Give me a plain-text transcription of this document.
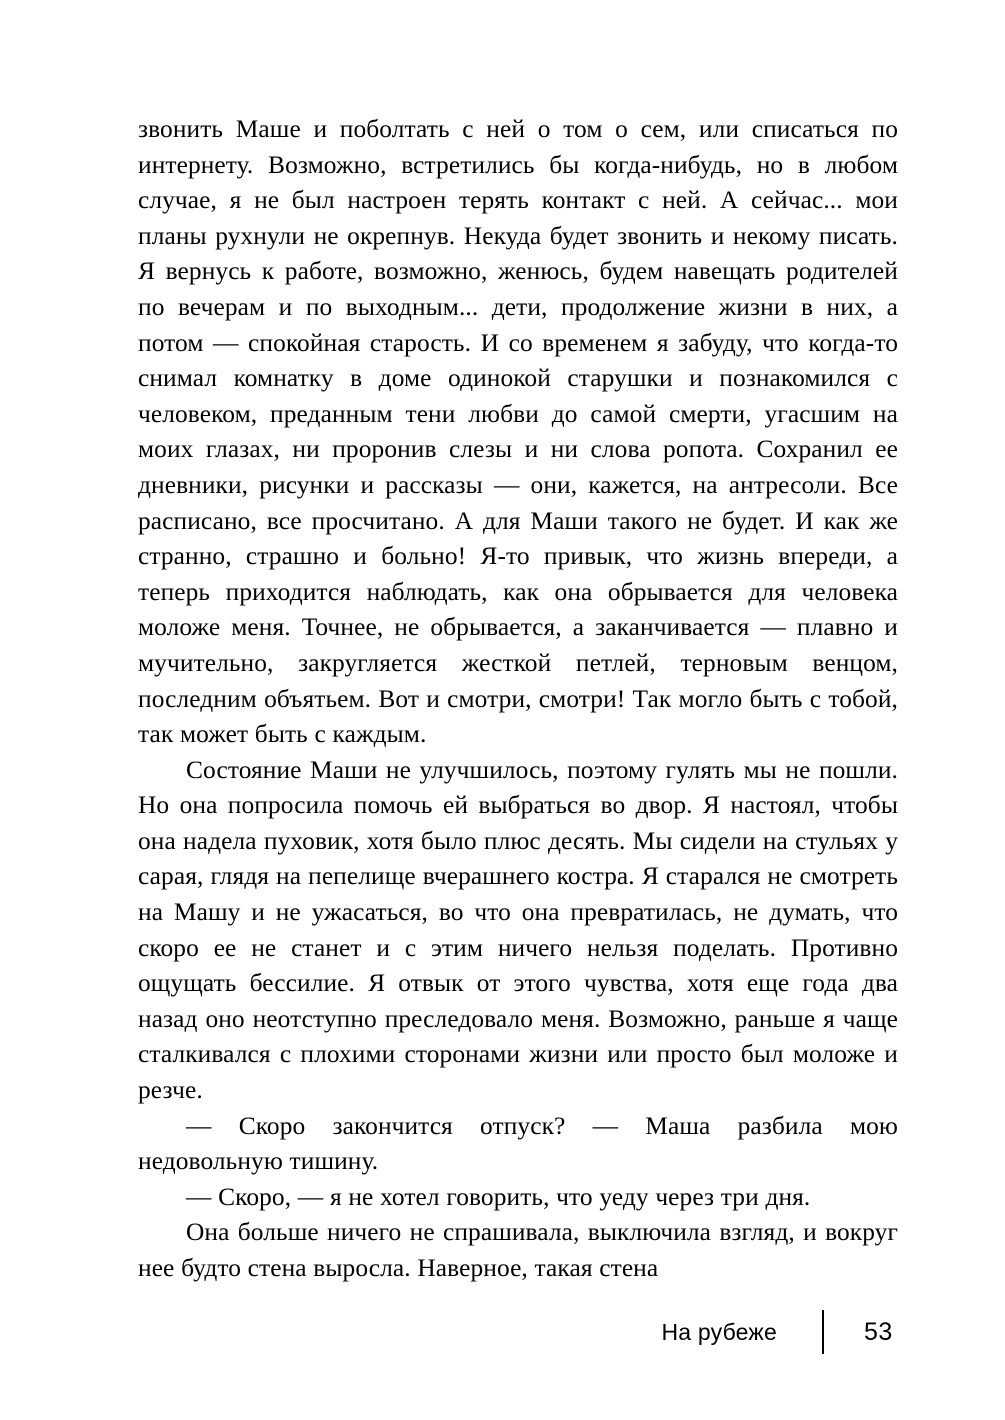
звонить Маше и поболтать с ней о том о сем, или списаться по интернету. Возможно, встретились бы когда-нибудь, но в любом случае, я не был настроен терять контакт с ней. А сейчас... мои планы рухнули не окрепнув. Некуда будет звонить и некому писать. Я вернусь к работе, возможно, женюсь, будем навещать родителей по вечерам и по выходным... дети, продолжение жизни в них, а потом — спокойная старость. И со временем я забуду, что когда-то снимал комнатку в доме одинокой старушки и познакомился с человеком, преданным тени любви до самой смерти, угасшим на моих глазах, ни проронив слезы и ни слова ропота. Сохранил ее дневники, рисунки и рассказы — они, кажется, на антресоли. Все расписано, все просчитано. А для Маши такого не будет. И как же странно, страшно и больно! Я-то привык, что жизнь впереди, а теперь приходится наблюдать, как она обрывается для человека моложе меня. Точнее, не обрывается, а заканчивается — плавно и мучительно, закругляется жесткой петлей, терновым венцом, последним объятьем. Вот и смотри, смотри! Так могло быть с тобой, так может быть с каждым.

Состояние Маши не улучшилось, поэтому гулять мы не пошли. Но она попросила помочь ей выбраться во двор. Я настоял, чтобы она надела пуховик, хотя было плюс десять. Мы сидели на стульях у сарая, глядя на пепелище вчерашнего костра. Я старался не смотреть на Машу и не ужасаться, во что она превратилась, не думать, что скоро ее не станет и с этим ничего нельзя поделать. Противно ощущать бессилие. Я отвык от этого чувства, хотя еще года два назад оно неотступно преследовало меня. Возможно, раньше я чаще сталкивался с плохими сторонами жизни или просто был моложе и резче.

— Скоро закончится отпуск? — Маша разбила мою недовольную тишину.

— Скоро, — я не хотел говорить, что уеду через три дня.

Она больше ничего не спрашивала, выключила взгляд, и вокруг нее будто стена выросла. Наверное, такая стена

На рубеже	53
